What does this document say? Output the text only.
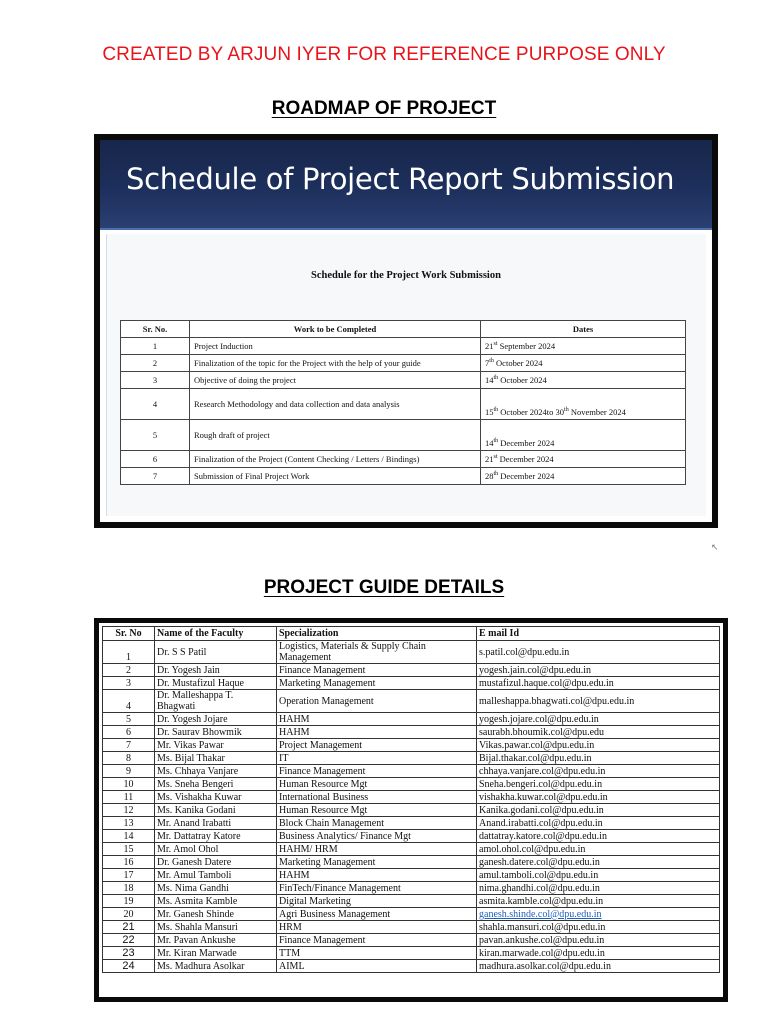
CREATED BY ARJUN IYER FOR REFERENCE PURPOSE ONLY
ROADMAP OF PROJECT
Schedule of Project Report Submission
Schedule for the Project Work Submission
Sr. No.	Work to be Completed	Dates
1	Project Induction	21st September 2024
2	Finalization of the topic for the Project with the help of your guide	7th October 2024
3	Objective of doing the project	14th October 2024
4	Research Methodology and data collection and data analysis	15th October 2024to 30th November 2024
5	Rough draft of project	14th December 2024
6	Finalization of the Project (Content Checking / Letters / Bindings)	21st December 2024
7	Submission of Final Project Work	28th December 2024
↖
PROJECT GUIDE DETAILS
Sr. No	Name of the Faculty	Specialization	E mail Id
1	Dr. S S Patil	Logistics, Materials & Supply Chain Management	s.patil.col@dpu.edu.in
2	Dr. Yogesh Jain	Finance Management	yogesh.jain.col@dpu.edu.in
3	Dr. Mustafizul Haque	Marketing Management	mustafizul.haque.col@dpu.edu.in
4	Dr. Malleshappa T. Bhagwati	Operation Management	malleshappa.bhagwati.col@dpu.edu.in
5	Dr. Yogesh Jojare	HAHM	yogesh.jojare.col@dpu.edu.in
6	Dr. Saurav Bhowmik	HAHM	saurabh.bhoumik.col@dpu.edu
7	Mr. Vikas Pawar	Project Management	Vikas.pawar.col@dpu.edu.in
8	Ms. Bijal Thakar	IT	Bijal.thakar.col@dpu.edu.in
9	Ms. Chhaya Vanjare	Finance Management	chhaya.vanjare.col@dpu.edu.in
10	Ms. Sneha Bengeri	Human Resource Mgt	Sneha.bengeri.col@dpu.edu.in
11	Ms. Vishakha Kuwar	International Business	vishakha.kuwar.col@dpu.edu.in
12	Ms. Kanika Godani	Human Resource Mgt	Kanika.godani.col@dpu.edu.in
13	Mr. Anand Irabatti	Block Chain Management	Anand.irabatti.col@dpu.edu.in
14	Mr. Dattatray Katore	Business Analytics/ Finance Mgt	dattatray.katore.col@dpu.edu.in
15	Mr. Amol Ohol	HAHM/ HRM	amol.ohol.col@dpu.edu.in
16	Dr. Ganesh Datere	Marketing Management	ganesh.datere.col@dpu.edu.in
17	Mr. Amul Tamboli	HAHM	amul.tamboli.col@dpu.edu.in
18	Ms. Nima Gandhi	FinTech/Finance Management	nima.ghandhi.col@dpu.edu.in
19	Ms. Asmita Kamble	Digital Marketing	asmita.kamble.col@dpu.edu.in
20	Mr. Ganesh Shinde	Agri Business Management	ganesh.shinde.col@dpu.edu.in
21	Ms. Shahla Mansuri	HRM	shahla.mansuri.col@dpu.edu.in
22	Mr. Pavan Ankushe	Finance Management	pavan.ankushe.col@dpu.edu.in
23	Mr. Kiran Marwade	TTM	kiran.marwade.col@dpu.edu.in
24	Ms. Madhura Asolkar	AIML	madhura.asolkar.col@dpu.edu.in
